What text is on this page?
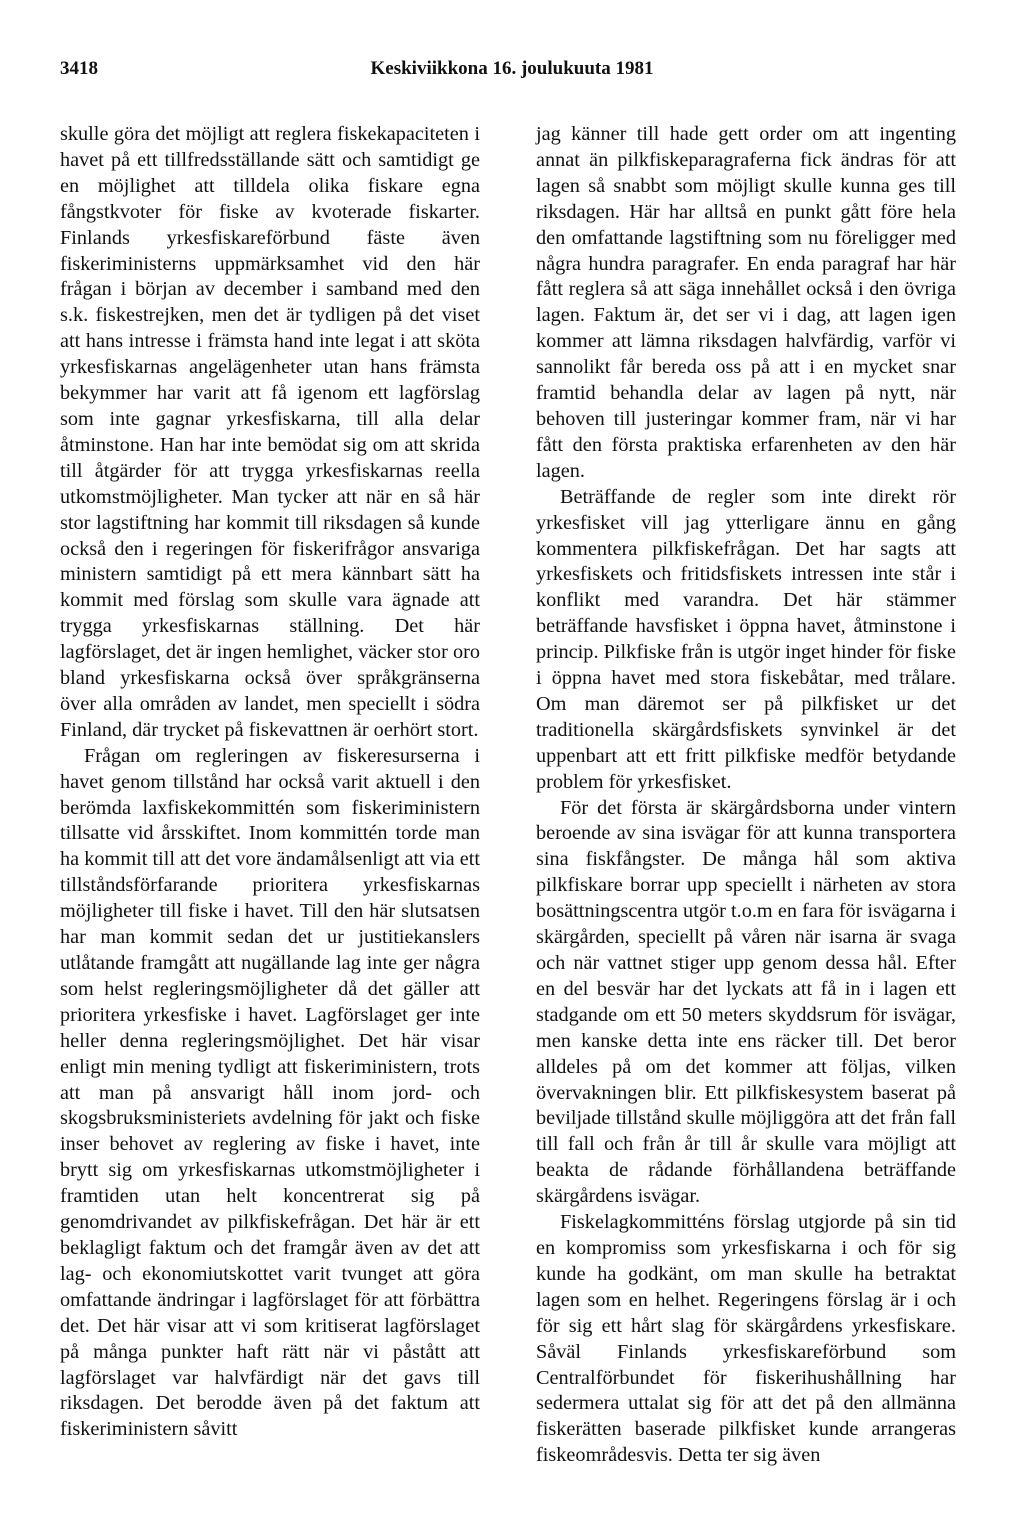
3418	Keskiviikkona 16. joulukuuta 1981

skulle göra det möjligt att reglera fiskekapaciteten i havet på ett tillfredsställande sätt och samtidigt ge en möjlighet att tilldela olika fiskare egna fångstkvoter för fiske av kvoterade fiskarter. Finlands yrkesfiskareförbund fäste även fiskeriministerns uppmärksamhet vid den här frågan i början av december i samband med den s.k. fiskestrejken, men det är tydligen på det viset att hans intresse i främsta hand inte legat i att sköta yrkesfiskarnas angelägenheter utan hans främsta bekymmer har varit att få igenom ett lagförslag som inte gagnar yrkesfiskarna, till alla delar åtminstone. Han har inte bemödat sig om att skrida till åtgärder för att trygga yrkesfiskarnas reella utkomstmöjligheter. Man tycker att när en så här stor lagstiftning har kommit till riksdagen så kunde också den i regeringen för fiskerifrågor ansvariga ministern samtidigt på ett mera kännbart sätt ha kommit med förslag som skulle vara ägnade att trygga yrkesfiskarnas ställning. Det här lagförslaget, det är ingen hemlighet, väcker stor oro bland yrkesfiskarna också över språkgränserna över alla områden av landet, men speciellt i södra Finland, där trycket på fiskevattnen är oerhört stort.

Frågan om regleringen av fiskeresurserna i havet genom tillstånd har också varit aktuell i den berömda laxfiskekommittén som fiskeriministern tillsatte vid årsskiftet. Inom kommittén torde man ha kommit till att det vore ändamålsenligt att via ett tillståndsförfarande prioritera yrkesfiskarnas möjligheter till fiske i havet. Till den här slutsatsen har man kommit sedan det ur justitiekanslers utlåtande framgått att nugällande lag inte ger några som helst regleringsmöjligheter då det gäller att prioritera yrkesfiske i havet. Lagförslaget ger inte heller denna regleringsmöjlighet. Det här visar enligt min mening tydligt att fiskeriministern, trots att man på ansvarigt håll inom jord- och skogsbruksministeriets avdelning för jakt och fiske inser behovet av reglering av fiske i havet, inte brytt sig om yrkesfiskarnas utkomstmöjligheter i framtiden utan helt koncentrerat sig på genomdrivandet av pilkfiskefrågan. Det här är ett beklagligt faktum och det framgår även av det att lag- och ekonomiutskottet varit tvunget att göra omfattande ändringar i lagförslaget för att förbättra det. Det här visar att vi som kritiserat lagförslaget på många punkter haft rätt när vi påstått att lagförslaget var halvfärdigt när det gavs till riksdagen. Det berodde även på det faktum att fiskeriministern såvitt

jag känner till hade gett order om att ingenting annat än pilkfiskeparagraferna fick ändras för att lagen så snabbt som möjligt skulle kunna ges till riksdagen. Här har alltså en punkt gått före hela den omfattande lagstiftning som nu föreligger med några hundra paragrafer. En enda paragraf har här fått reglera så att säga innehållet också i den övriga lagen. Faktum är, det ser vi i dag, att lagen igen kommer att lämna riksdagen halvfärdig, varför vi sannolikt får bereda oss på att i en mycket snar framtid behandla delar av lagen på nytt, när behoven till justeringar kommer fram, när vi har fått den första praktiska erfarenheten av den här lagen.

Beträffande de regler som inte direkt rör yrkesfisket vill jag ytterligare ännu en gång kommentera pilkfiskefrågan. Det har sagts att yrkesfiskets och fritidsfiskets intressen inte står i konflikt med varandra. Det här stämmer beträffande havsfisket i öppna havet, åtminstone i princip. Pilkfiske från is utgör inget hinder för fiske i öppna havet med stora fiskebåtar, med trålare. Om man däremot ser på pilkfisket ur det traditionella skärgårdsfiskets synvinkel är det uppenbart att ett fritt pilkfiske medför betydande problem för yrkesfisket.

För det första är skärgårdsborna under vintern beroende av sina isvägar för att kunna transportera sina fiskfångster. De många hål som aktiva pilkfiskare borrar upp speciellt i närheten av stora bosättningscentra utgör t.o.m en fara för isvägarna i skärgården, speciellt på våren när isarna är svaga och när vattnet stiger upp genom dessa hål. Efter en del besvär har det lyckats att få in i lagen ett stadgande om ett 50 meters skyddsrum för isvägar, men kanske detta inte ens räcker till. Det beror alldeles på om det kommer att följas, vilken övervakningen blir. Ett pilkfiskesystem baserat på beviljade tillstånd skulle möjliggöra att det från fall till fall och från år till år skulle vara möjligt att beakta de rådande förhållandena beträffande skärgårdens isvägar.

Fiskelagkommitténs förslag utgjorde på sin tid en kompromiss som yrkesfiskarna i och för sig kunde ha godkänt, om man skulle ha betraktat lagen som en helhet. Regeringens förslag är i och för sig ett hårt slag för skärgårdens yrkesfiskare. Såväl Finlands yrkesfiskareförbund som Centralförbundet för fiskerihushållning har sedermera uttalat sig för att det på den allmänna fiskerätten baserade pilkfisket kunde arrangeras fiskeområdesvis. Detta ter sig även
